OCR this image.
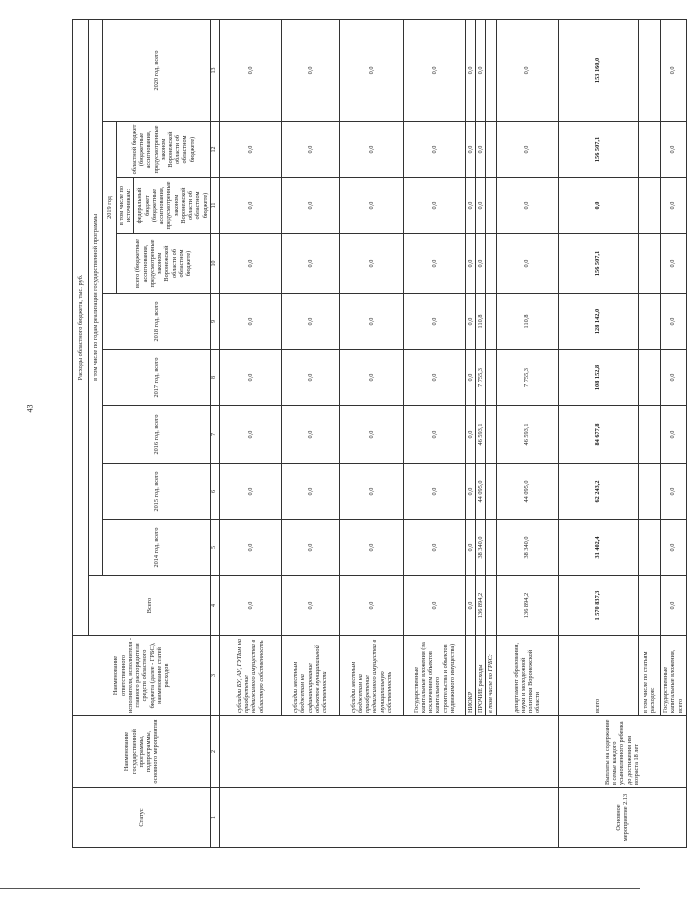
43
Статус	Наименование государственной программы, подпрограммы, основного мероприятия	Наименование ответственного исполнителя, исполнителя - главного распорядителя средств областного бюджета (далее - ГРБС), наименование статей расходов	Расходы областного бюджета, тыс. руб.									
			Всего	в том числе по годам реализации государственной программы								
				2014 год, всего	2015 год, всего	2016 год, всего	2017 год, всего	2018 год, всего	2019 год			2020 год, всего
									всего (бюджетные ассигнования, предусмотренные законом Воронежской области об областном бюджете)	в том числе по источникам: федеральный бюджет (бюджетные ассигнования, предусмотренные законом Воронежской области об областном бюджете)	областной бюджет (бюджетные ассигнования, предусмотренные законом Воронежской области об областном бюджете)	
1	2	3	4	5	6	7	8	9	10	11	12	13
		субсидии БУ, АУ, ГУПам на приобретение недвижимого имущества в областную собственность	0,0	0,0	0,0	0,0	0,0	0,0	0,0	0,0	0,0	0,0
		субсидии местным бюджетам на софинансирование объектов муниципальной собственности	0,0	0,0	0,0	0,0	0,0	0,0	0,0	0,0	0,0	0,0
		субсидии местным бюджетам на приобретение недвижимого имущества в муниципальную собственность	0,0	0,0	0,0	0,0	0,0	0,0	0,0	0,0	0,0	0,0
		Государственные капитальные вложения (за исключением объектов капитального строительства и объектов недвижимого имущества)	0,0	0,0	0,0	0,0	0,0	0,0	0,0	0,0	0,0	0,0
		НИОКР	0,0	0,0	0,0	0,0	0,0	0,0	0,0	0,0	0,0	0,0
		ПРОЧИЕ расходы	136 894,2	38 340,0	44 095,0	46 593,1	7 755,3	110,8	0,0	0,0	0,0	0,0
		в том числе по ГРБС:										
		департамент образования, науки и молодежной политики Воронежской области	136 894,2	38 340,0	44 095,0	46 593,1	7 755,3	110,8	0,0	0,0	0,0	0,0
Основное мероприятие 2.13	Выплаты на содержание в семье каждого усыновленного ребенка до достижения им возраста 18 лет	всего	1 570 837,3	31 402,4	62 243,2	84 677,8	108 152,8	128 142,0	156 507,1	0,0	156 507,1	153 160,0
		в том числе по статьям расходов:										
		Государственные капитальные вложения, всего	0,0	0,0	0,0	0,0	0,0	0,0	0,0	0,0	0,0	0,0
